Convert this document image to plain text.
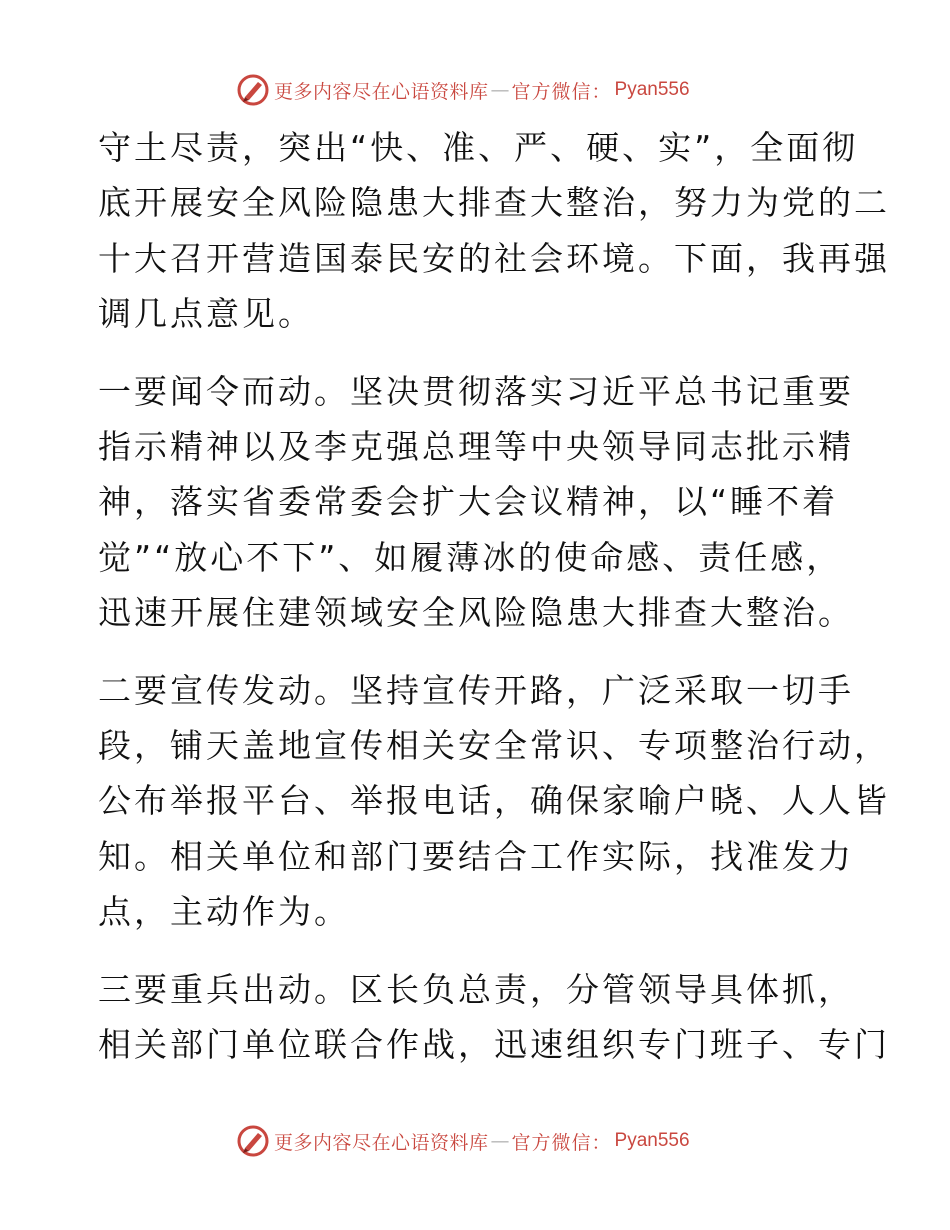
更多内容尽在心语资料库 — 官方微信 ： Pyan556

守土尽责，突出“快、准、严、硬、实”，全面彻
底开展安全风险隐患大排查大整治，努力为党的二
十大召开营造国泰民安的社会环境。下面，我再强
调几点意见。

一要闻令而动。坚决贯彻落实习近平总书记重要
指示精神以及李克强总理等中央领导同志批示精
神，落实省委常委会扩大会议精神，以“睡不着
觉”“放心不下”、如履薄冰的使命感、责任感，
迅速开展住建领域安全风险隐患大排查大整治。

二要宣传发动。坚持宣传开路，广泛采取一切手
段，铺天盖地宣传相关安全常识、专项整治行动，
公布举报平台、举报电话，确保家喻户晓、人人皆
知。相关单位和部门要结合工作实际，找准发力
点，主动作为。

三要重兵出动。区长负总责，分管领导具体抓，
相关部门单位联合作战，迅速组织专门班子、专门

更多内容尽在心语资料库 — 官方微信 ： Pyan556
